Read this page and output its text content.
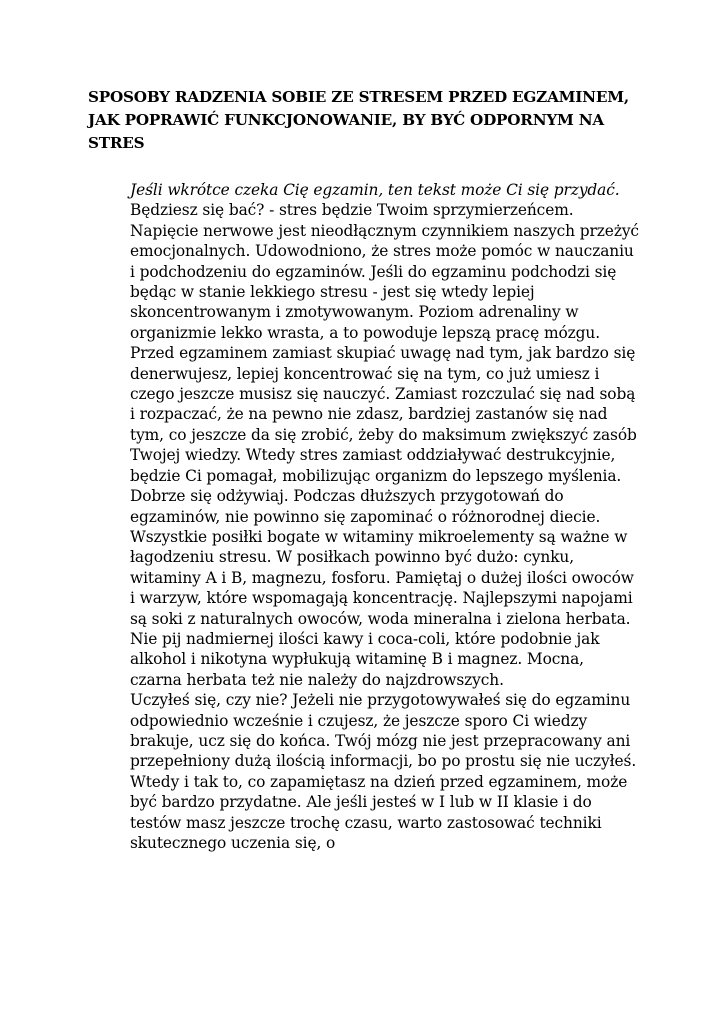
SPOSOBY RADZENIA SOBIE ZE STRESEM PRZED EGZAMINEM, JAK POPRAWIĆ FUNKCJONOWANIE, BY BYĆ ODPORNYM NA STRES

Jeśli wkrótce czeka Cię egzamin, ten tekst może Ci się przydać.

Będziesz się bać? - stres będzie Twoim sprzymierzeńcem. Napięcie nerwowe jest nieodłącznym czynnikiem naszych przeżyć emocjonalnych. Udowodniono, że stres może pomóc w nauczaniu i podchodzeniu do egzaminów. Jeśli do egzaminu podchodzi się będąc w stanie lekkiego stresu - jest się wtedy lepiej skoncentrowanym i zmotywowanym. Poziom adrenaliny w organizmie lekko wrasta, a to powoduje lepszą pracę mózgu. Przed egzaminem zamiast skupiać uwagę nad tym, jak bardzo się denerwujesz, lepiej koncentrować się na tym, co już umiesz i czego jeszcze musisz się nauczyć. Zamiast rozczulać się nad sobą i rozpaczać, że na pewno nie zdasz, bardziej zastanów się nad tym, co jeszcze da się zrobić, żeby do maksimum zwiększyć zasób Twojej wiedzy. Wtedy stres zamiast oddziaływać destrukcyjnie, będzie Ci pomagał, mobilizując organizm do lepszego myślenia.

Dobrze się odżywiaj. Podczas dłuższych przygotowań do egzaminów, nie powinno się zapominać o różnorodnej diecie. Wszystkie posiłki bogate w witaminy mikroelementy są ważne w łagodzeniu stresu. W posiłkach powinno być dużo: cynku, witaminy A i B, magnezu, fosforu. Pamiętaj o dużej ilości owoców i warzyw, które wspomagają koncentrację. Najlepszymi napojami są soki z naturalnych owoców, woda mineralna i zielona herbata. Nie pij nadmiernej ilości kawy i coca-coli, które podobnie jak alkohol i nikotyna wypłukują witaminę B i magnez. Mocna, czarna herbata też nie należy do najzdrowszych.

Uczyłeś się, czy nie? Jeżeli nie przygotowywałeś się do egzaminu odpowiednio wcześnie i czujesz, że jeszcze sporo Ci wiedzy brakuje, ucz się do końca. Twój mózg nie jest przepracowany ani przepełniony dużą ilością informacji, bo po prostu się nie uczyłeś. Wtedy i tak to, co zapamiętasz na dzień przed egzaminem, może być bardzo przydatne. Ale jeśli jesteś w I lub w II klasie i do testów masz jeszcze trochę czasu, warto zastosować techniki skutecznego uczenia się, o
